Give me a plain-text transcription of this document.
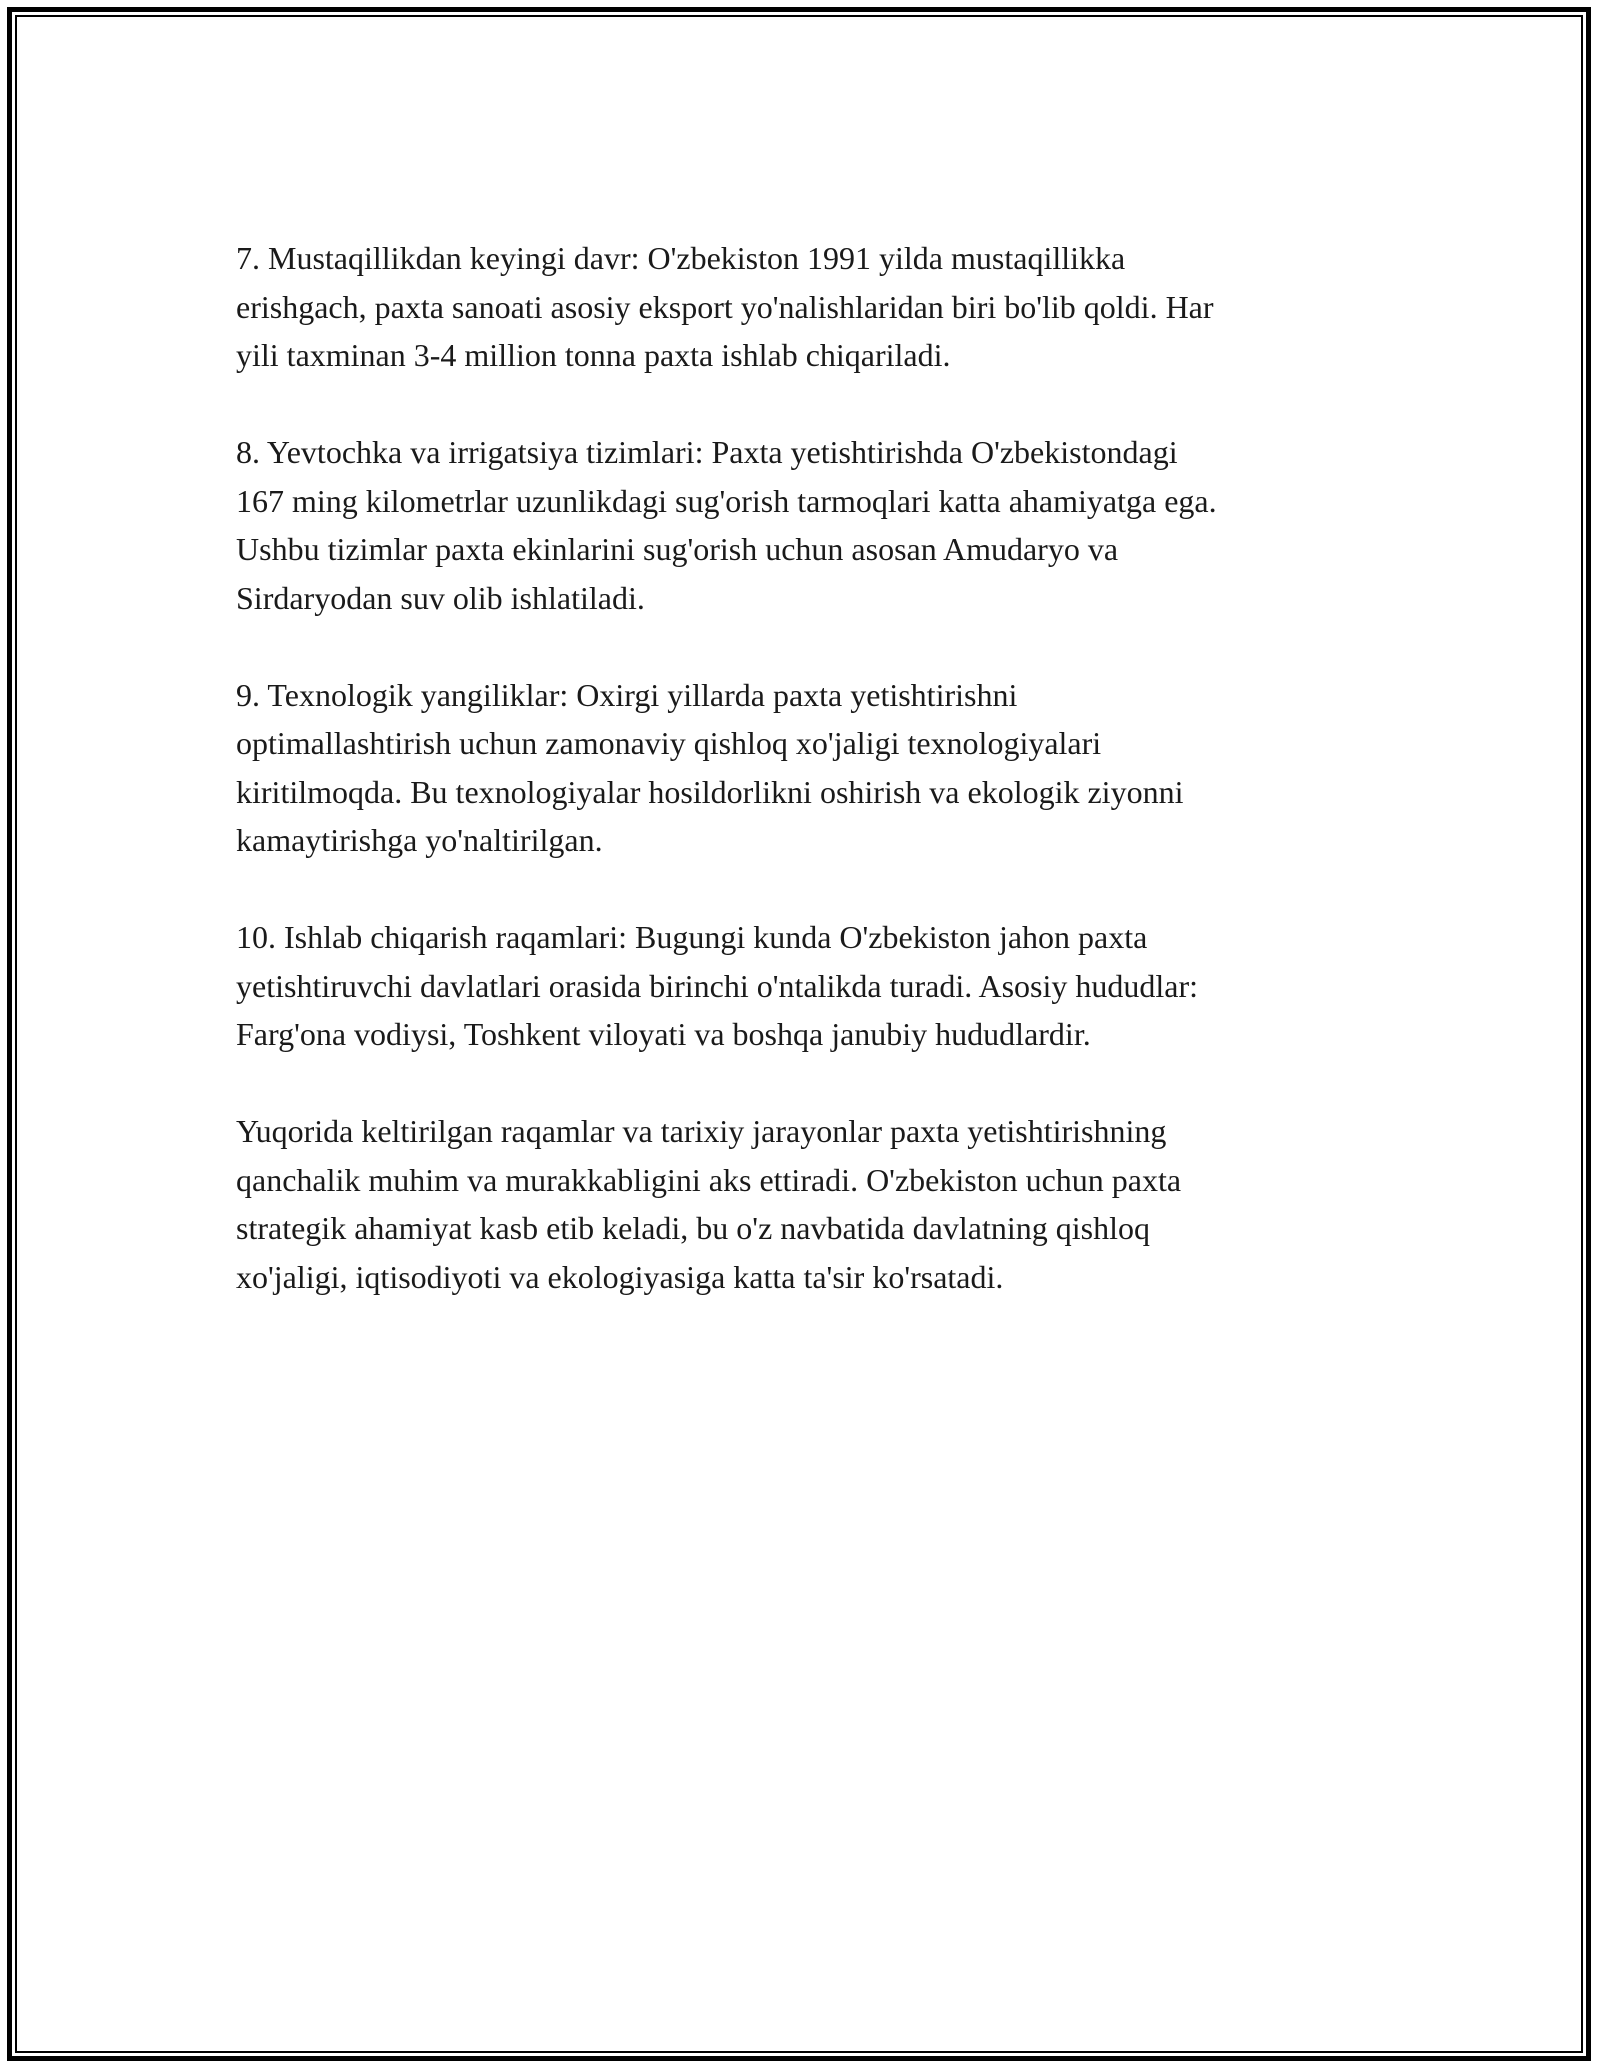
7. Mustaqillikdan keyingi davr: O'zbekiston 1991 yilda mustaqillikka
erishgach, paxta sanoati asosiy eksport yo'nalishlaridan biri bo'lib qoldi. Har
yili taxminan 3-4 million tonna paxta ishlab chiqariladi.

8. Yevtochka va irrigatsiya tizimlari: Paxta yetishtirishda O'zbekistondagi
167 ming kilometrlar uzunlikdagi sug'orish tarmoqlari katta ahamiyatga ega.
Ushbu tizimlar paxta ekinlarini sug'orish uchun asosan Amudaryo va
Sirdaryodan suv olib ishlatiladi.

9. Texnologik yangiliklar: Oxirgi yillarda paxta yetishtirishni
optimallashtirish uchun zamonaviy qishloq xo'jaligi texnologiyalari
kiritilmoqda. Bu texnologiyalar hosildorlikni oshirish va ekologik ziyonni
kamaytirishga yo'naltirilgan.

10. Ishlab chiqarish raqamlari: Bugungi kunda O'zbekiston jahon paxta
yetishtiruvchi davlatlari orasida birinchi o'ntalikda turadi. Asosiy hududlar:
Farg'ona vodiysi, Toshkent viloyati va boshqa janubiy hududlardir.

Yuqorida keltirilgan raqamlar va tarixiy jarayonlar paxta yetishtirishning
qanchalik muhim va murakkabligini aks ettiradi. O'zbekiston uchun paxta
strategik ahamiyat kasb etib keladi, bu o'z navbatida davlatning qishloq
xo'jaligi, iqtisodiyoti va ekologiyasiga katta ta'sir ko'rsatadi.
